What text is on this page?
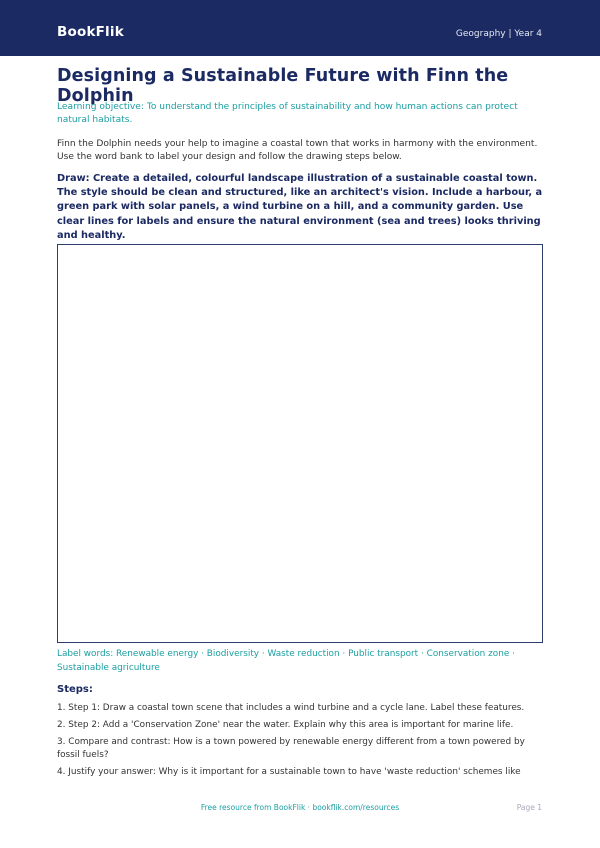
BookFlik	Geography | Year 4
Designing a Sustainable Future with Finn the Dolphin

Learning objective: To understand the principles of sustainability and how human actions can protect natural habitats.

Finn the Dolphin needs your help to imagine a coastal town that works in harmony with the environment. Use the word bank to label your design and follow the drawing steps below.

Draw: Create a detailed, colourful landscape illustration of a sustainable coastal town. The style should be clean and structured, like an architect's vision. Include a harbour, a green park with solar panels, a wind turbine on a hill, and a community garden. Use clear lines for labels and ensure the natural environment (sea and trees) looks thriving and healthy.

Label words: Renewable energy · Biodiversity · Waste reduction · Public transport · Conservation zone · Sustainable agriculture

Steps:
1. Step 1: Draw a coastal town scene that includes a wind turbine and a cycle lane. Label these features.
2. Step 2: Add a 'Conservation Zone' near the water. Explain why this area is important for marine life.
3. Compare and contrast: How is a town powered by renewable energy different from a town powered by fossil fuels?
4. Justify your answer: Why is it important for a sustainable town to have 'waste reduction' schemes like
Free resource from BookFlik · bookflik.com/resources	Page 1
